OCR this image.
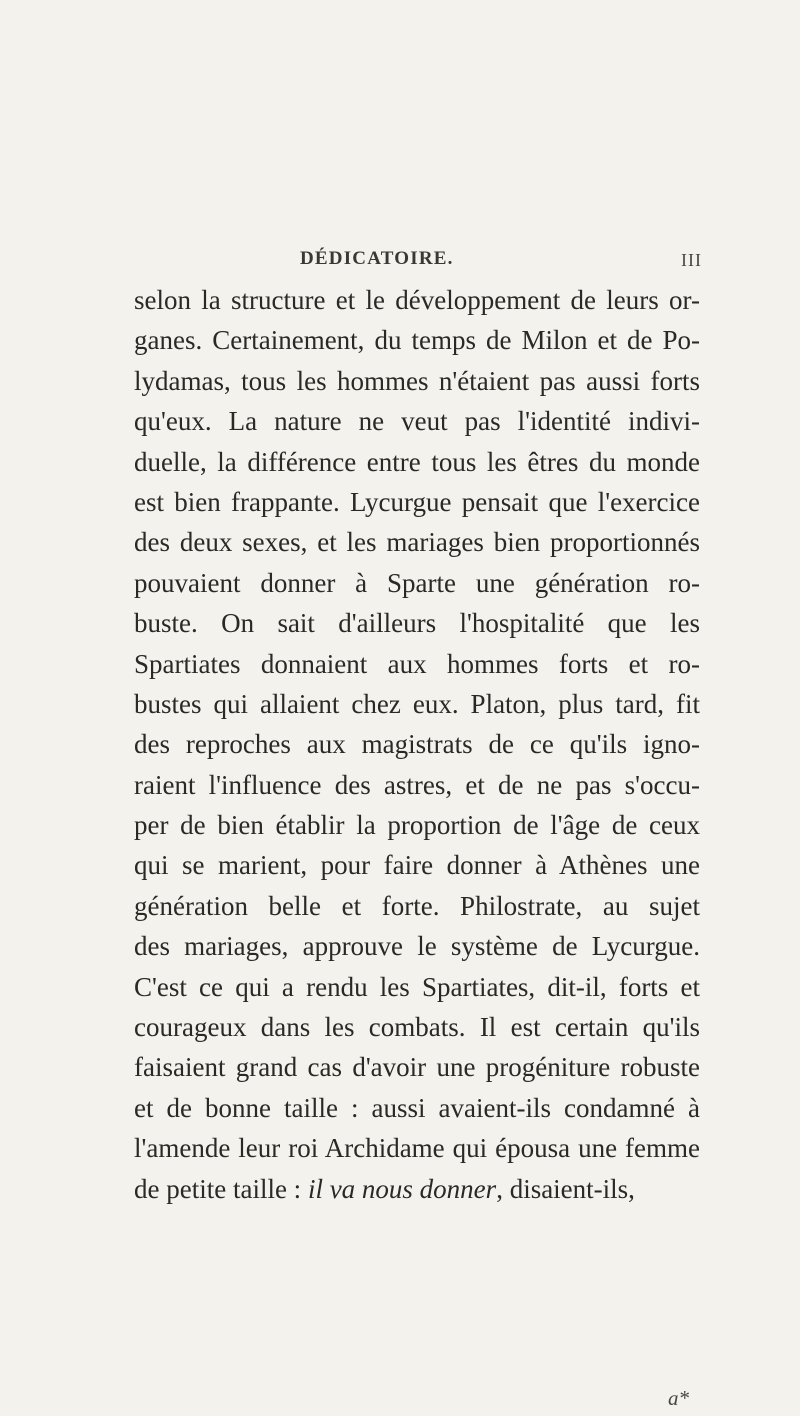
DÉDICATOIRE.	III
selon la structure et le développement de leurs or-
ganes. Certainement, du temps de Milon et de Po-
lydamas, tous les hommes n'étaient pas aussi forts
qu'eux. La nature ne veut pas l'identité indivi-
duelle, la différence entre tous les êtres du monde
est bien frappante. Lycurgue pensait que l'exercice
des deux sexes, et les mariages bien proportionnés
pouvaient donner à Sparte une génération ro-
buste. On sait d'ailleurs l'hospitalité que les
Spartiates donnaient aux hommes forts et ro-
bustes qui allaient chez eux. Platon, plus tard, fit
des reproches aux magistrats de ce qu'ils igno-
raient l'influence des astres, et de ne pas s'occu-
per de bien établir la proportion de l'âge de ceux
qui se marient, pour faire donner à Athènes une
génération belle et forte. Philostrate, au sujet
des mariages, approuve le système de Lycurgue.
C'est ce qui a rendu les Spartiates, dit-il, forts et
courageux dans les combats. Il est certain qu'ils
faisaient grand cas d'avoir une progéniture robuste
et de bonne taille : aussi avaient-ils condamné à
l'amende leur roi Archidame qui épousa une femme
de petite taille : il va nous donner, disaient-ils,
a*
